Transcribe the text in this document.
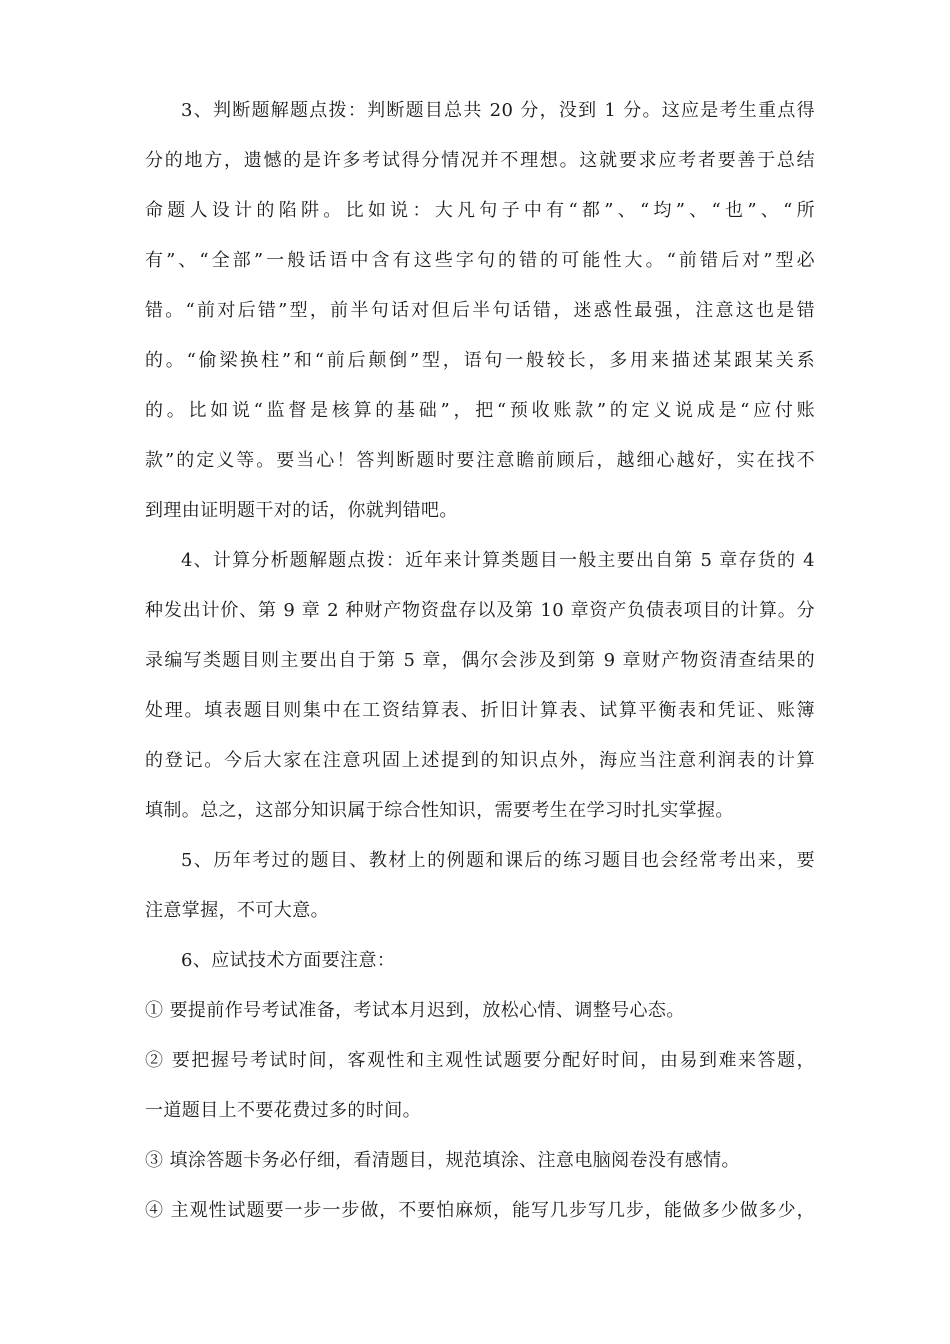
3、判断题解题点拨：判断题目总共 20 分，没到 1 分。这应是考生重点得
分的地方，遗憾的是许多考试得分情况并不理想。这就要求应考者要善于总结
命题人设计的陷阱。比如说：大凡句子中有“都”、“均”、“也”、“所
有”、“全部”一般话语中含有这些字句的错的可能性大。“前错后对”型必
错。“前对后错”型，前半句话对但后半句话错，迷惑性最强，注意这也是错
的。“偷梁换柱”和“前后颠倒”型，语句一般较长，多用来描述某跟某关系
的。比如说“监督是核算的基础”，把“预收账款”的定义说成是“应付账
款”的定义等。要当心！答判断题时要注意瞻前顾后，越细心越好，实在找不
到理由证明题干对的话，你就判错吧。
4、计算分析题解题点拨：近年来计算类题目一般主要出自第 5 章存货的 4
种发出计价、第 9 章 2 种财产物资盘存以及第 10 章资产负债表项目的计算。分
录编写类题目则主要出自于第 5 章，偶尔会涉及到第 9 章财产物资清查结果的
处理。填表题目则集中在工资结算表、折旧计算表、试算平衡表和凭证、账簿
的登记。今后大家在注意巩固上述提到的知识点外，海应当注意利润表的计算
填制。总之，这部分知识属于综合性知识，需要考生在学习时扎实掌握。
5、历年考过的题目、教材上的例题和课后的练习题目也会经常考出来，要
注意掌握，不可大意。
6、应试技术方面要注意：
① 要提前作号考试准备，考试本月迟到，放松心情、调整号心态。
② 要把握号考试时间，客观性和主观性试题要分配好时间，由易到难来答题，
一道题目上不要花费过多的时间。
③ 填涂答题卡务必仔细，看清题目，规范填涂、注意电脑阅卷没有感情。
④ 主观性试题要一步一步做，不要怕麻烦，能写几步写几步，能做多少做多少，
